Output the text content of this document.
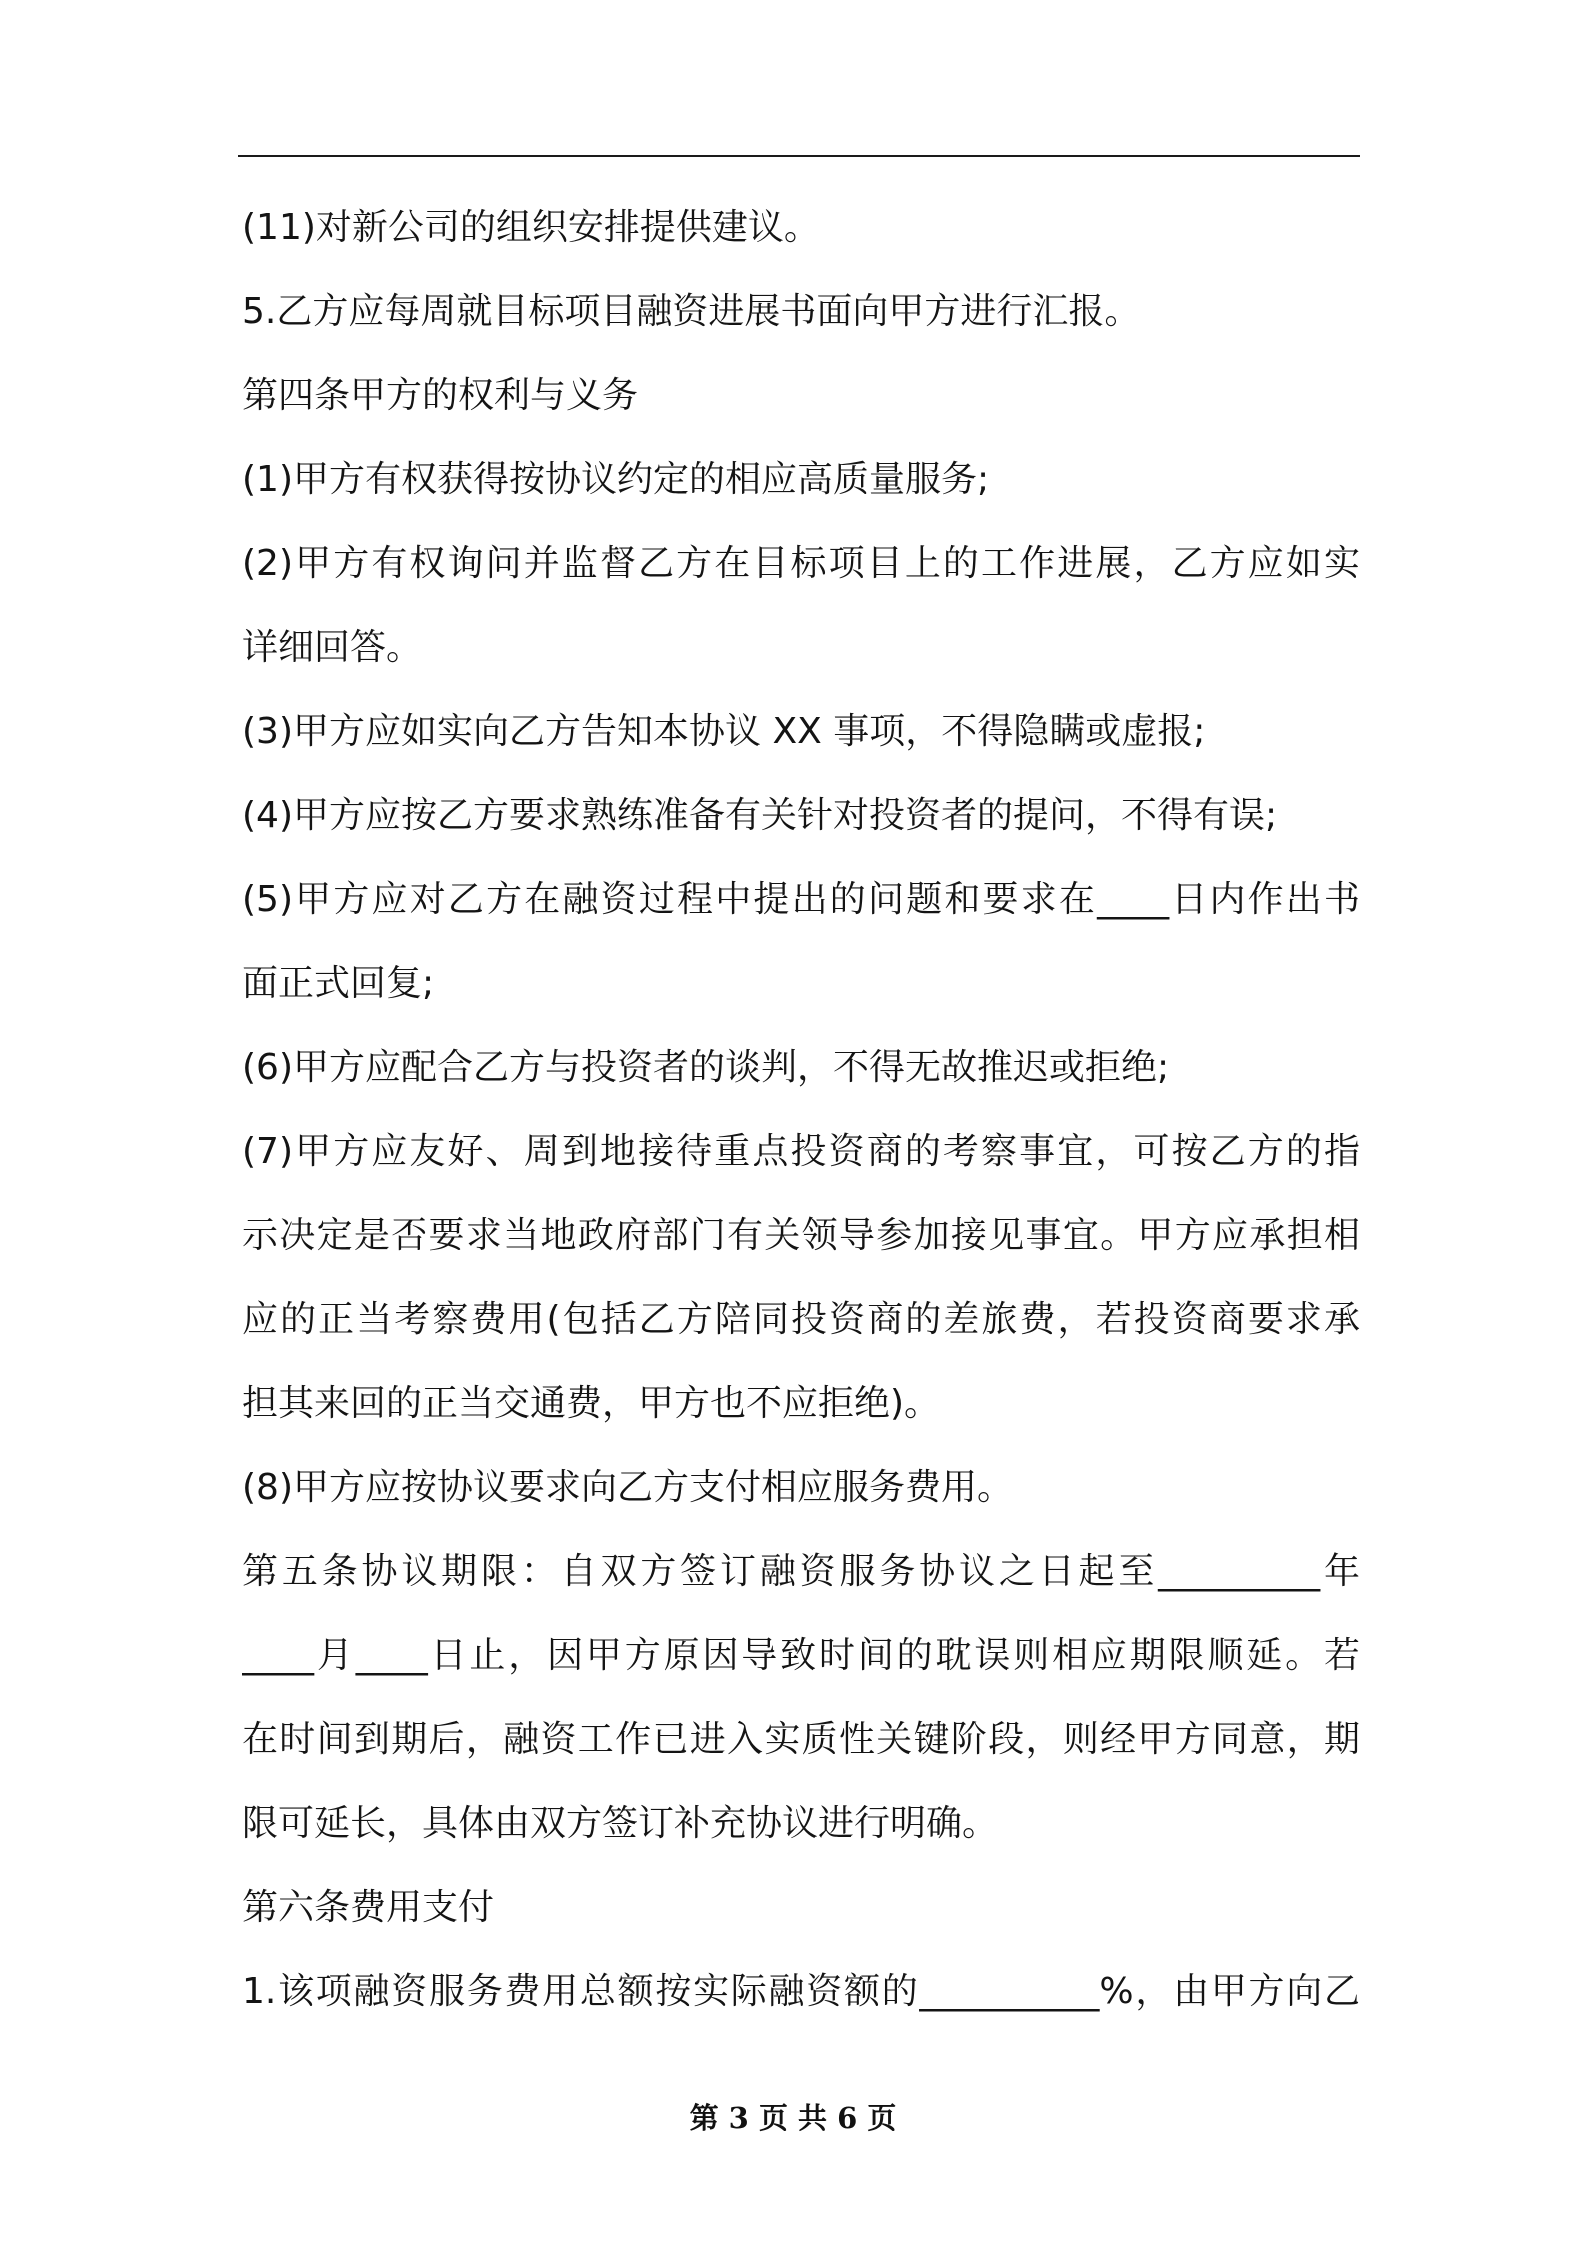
(11)对新公司的组织安排提供建议。
5.乙方应每周就目标项目融资进展书面向甲方进行汇报。
第四条甲方的权利与义务
(1)甲方有权获得按协议约定的相应高质量服务;
(2)甲方有权询问并监督乙方在目标项目上的工作进展，乙方应如实
详细回答。
(3)甲方应如实向乙方告知本协议 XX 事项，不得隐瞒或虚报;
(4)甲方应按乙方要求熟练准备有关针对投资者的提问，不得有误;
(5)甲方应对乙方在融资过程中提出的问题和要求在____日内作出书
面正式回复;
(6)甲方应配合乙方与投资者的谈判，不得无故推迟或拒绝;
(7)甲方应友好、周到地接待重点投资商的考察事宜，可按乙方的指
示决定是否要求当地政府部门有关领导参加接见事宜。甲方应承担相
应的正当考察费用(包括乙方陪同投资商的差旅费，若投资商要求承
担其来回的正当交通费，甲方也不应拒绝)。
(8)甲方应按协议要求向乙方支付相应服务费用。
第五条协议期限：自双方签订融资服务协议之日起至_________年
____月____日止，因甲方原因导致时间的耽误则相应期限顺延。若
在时间到期后，融资工作已进入实质性关键阶段，则经甲方同意，期
限可延长，具体由双方签订补充协议进行明确。
第六条费用支付
1.该项融资服务费用总额按实际融资额的__________%，由甲方向乙
第 3 页 共 6 页
